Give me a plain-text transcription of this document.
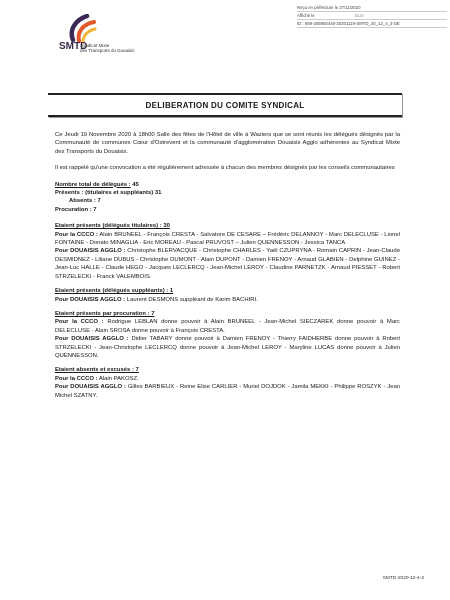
Reçu en préfecture le 27/11/2020
Affiché le	SLO
ID : 059-255900440-20201119-SMTD_20_12_4_2-DE
SMTD
Syndicat Mixte
des Transports du Douaisis
DELIBERATION DU COMITE SYNDICAL

Ce Jeudi 19 Novembre 2020 à 18h00 Salle des fêtes de l'Hôtel de ville à Waziers que se sont réunis les délégués désignés par la Communauté de communes Cœur d'Ostrevent et la communauté d'agglomération Douaisis Agglo adhérentes au Syndicat Mixte des Transports du Douaisis.

Il est rappelé qu'une convocation a été régulièrement adressée à chacun des membres désignés par les conseils communautaires

Nombre total de délégués : 45

Présents : (titulaires et suppléants) 31

Absents : 7

Procuration : 7

Etaient présents (délégués titulaires) : 30

Pour la CCCO : Alain BRUNEEL - François CRESTA - Salvatore DE CESARE – Frédéric DELANNOY - Marc DELECLUSE - Lionel FONTAINE - Donato MINAGLIA - Eric MOREAU - Pascal PRUVOST – Julien QUENNESSON - Jessica TANCA

Pour DOUAISIS AGGLO : Christophe BLERVACQUE - Christophe CHARLES - Yaël CZUPRYNA - Romain CAPRIN - Jean-Claude DESMIDNEZ - Liliane DUBUS - Christophe DUMONT - Alain DUPONT - Damien FRENOY - Arnaud GLABIEN - Delphine GUINEZ - Jean-Luc HALLE - Claude HEGO - Jacques LECLERCQ - Jean-Michel LEROY - Claudine PARNETZK - Arnaud PIESSET - Robert STRZELECKI - Franck VALEMBOIS.

Etaient présents (délégués suppléants) : 1

Pour DOUAISIS AGGLO : Laurent DESMONS suppléant de Karim BACHIRI.

Etaient présents par procuration : 7

Pour la CCCO : Rodrigue LEBLAN donne pouvoir à Alain BRUNEEL - Jean-Michel SIECZAREK donne pouvoir à Marc DELECLUSE - Alain SROSA donne pouvoir à François CRESTA.

Pour DOUAISIS AGGLO : Didier TABARY donne pouvoir à Damien FRENOY - Thierry FAIDHERBE donne pouvoir à Robert STRZELECKI - Jean-Christophe LECLERCQ donne pouvoir à Jean-Michel LEROY - Maryline LUCAS donne pouvoir à Julien QUENNESSON.

Etaient absents et excusés : 7

Pour la CCCO : Alain PAKOSZ.

Pour DOUAISIS AGGLO : Gilles BARBIEUX - Reine Elise CARLIER - Muriel DOJDOK - Jamila MEKKI - Philippe ROSZYK - Jean Michel SZATNY.

SMTD-2020-12-4-2
